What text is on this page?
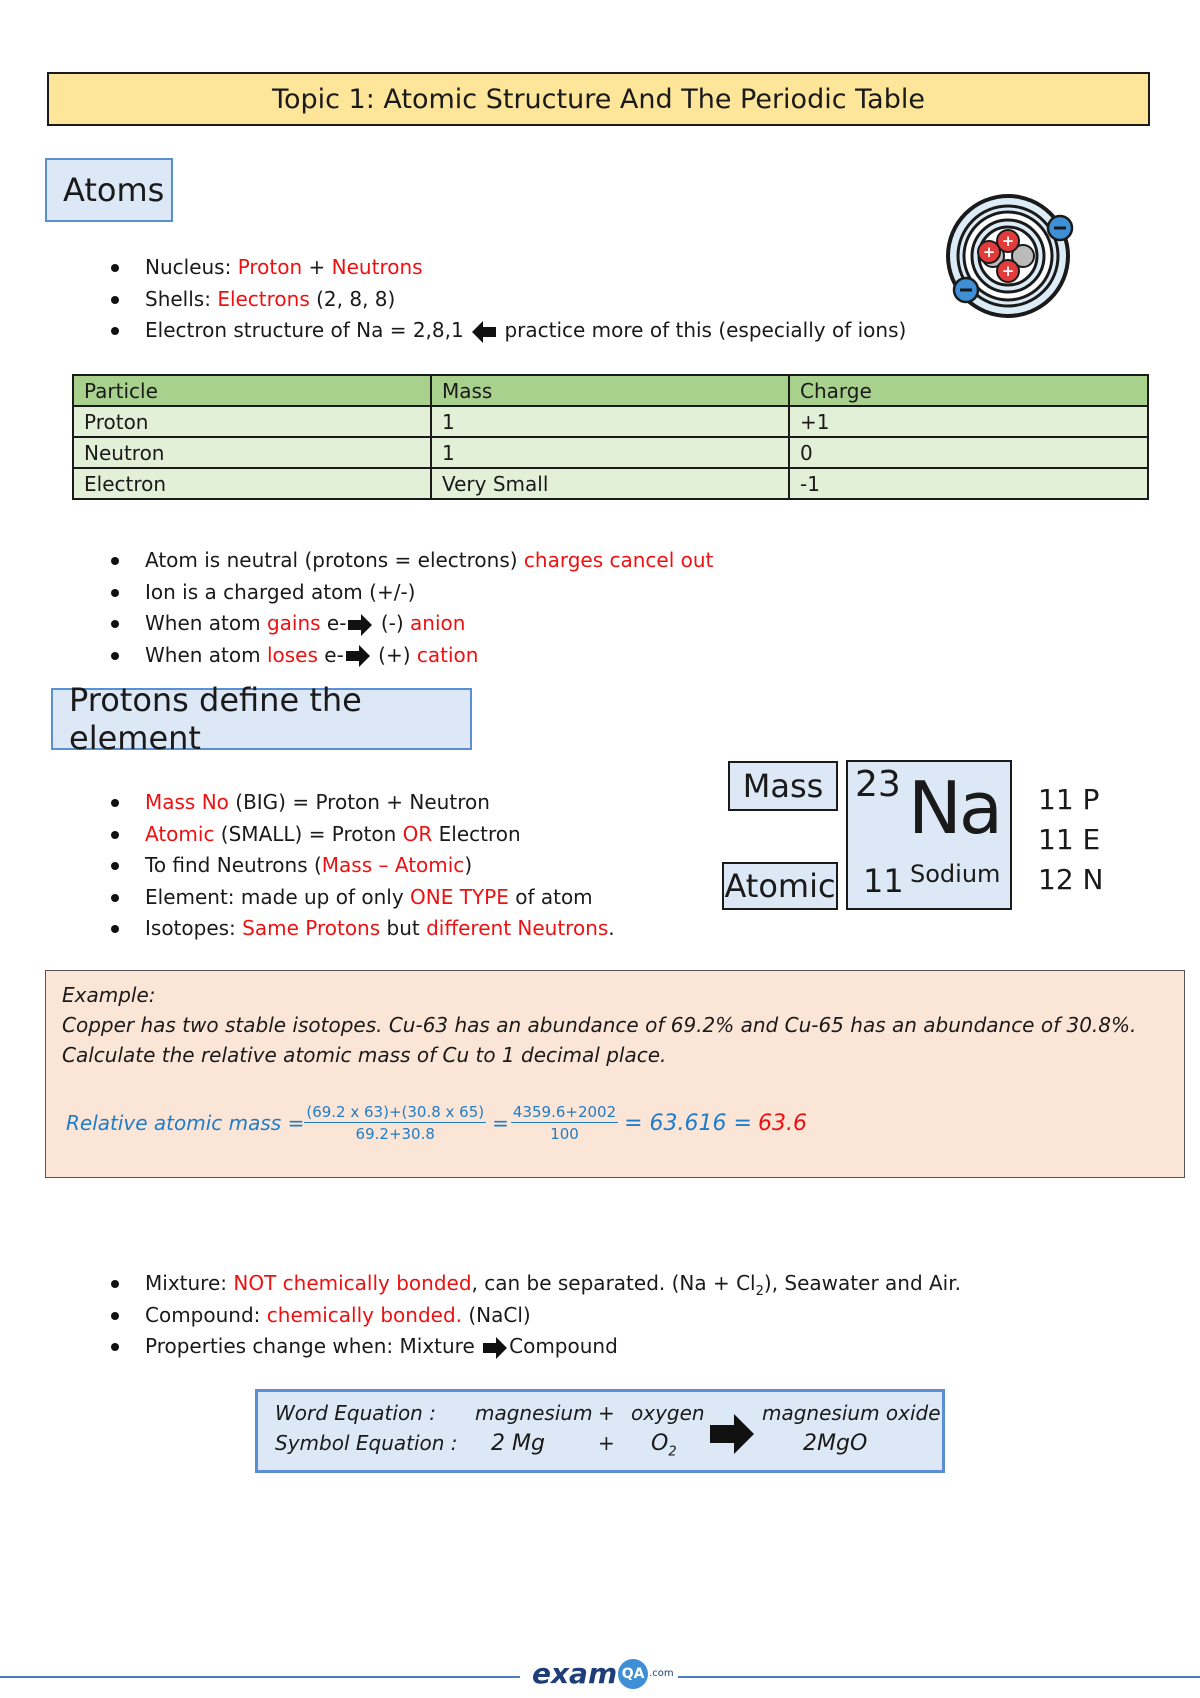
Topic 1: Atomic Structure And The Periodic Table
Atoms
+
+
+
Nucleus: Proton + Neutrons
Shells: Electrons (2, 8, 8)
Electron structure of Na = 2,8,1  practice more of this (especially of ions)
Particle	Mass	Charge
Proton	1	+1
Neutron	1	0
Electron	Very Small	-1
Atom is neutral (protons = electrons) charges cancel out
Ion is a charged atom (+/-)
When atom gains e- (-) anion
When atom loses e- (+) cation
Protons define the element
Mass No (BIG) = Proton + Neutron
Atomic (SMALL) = Proton OR Electron
To find Neutrons (Mass – Atomic)
Element: made up of only ONE TYPE of atom
Isotopes: Same Protons but different Neutrons.
Mass
Atomic
23 Na
11 Sodium
11 P
11 E
12 N
Example:
Copper has two stable isotopes. Cu-63 has an abundance of 69.2% and Cu-65 has an abundance of 30.8%.
Calculate the relative atomic mass of Cu to 1 decimal place.
Relative atomic mass = $\frac{(69.2 x 63)+(30.8 x 65)}{69.2+30.8} = \frac{4359.6+2002}{100} = 63.616 = 63.6$
Mixture: NOT chemically bonded, can be separated. $(Na + Cl_2)$, Seawater and Air.
Compound: chemically bonded. (NaCl)
Properties change when: Mixture Compound
Word Equation :
Symbol Equation :
magnesium + oxygen	magnesium oxide
2 Mg	+ $O_2$	2MgO
exam QA .com
